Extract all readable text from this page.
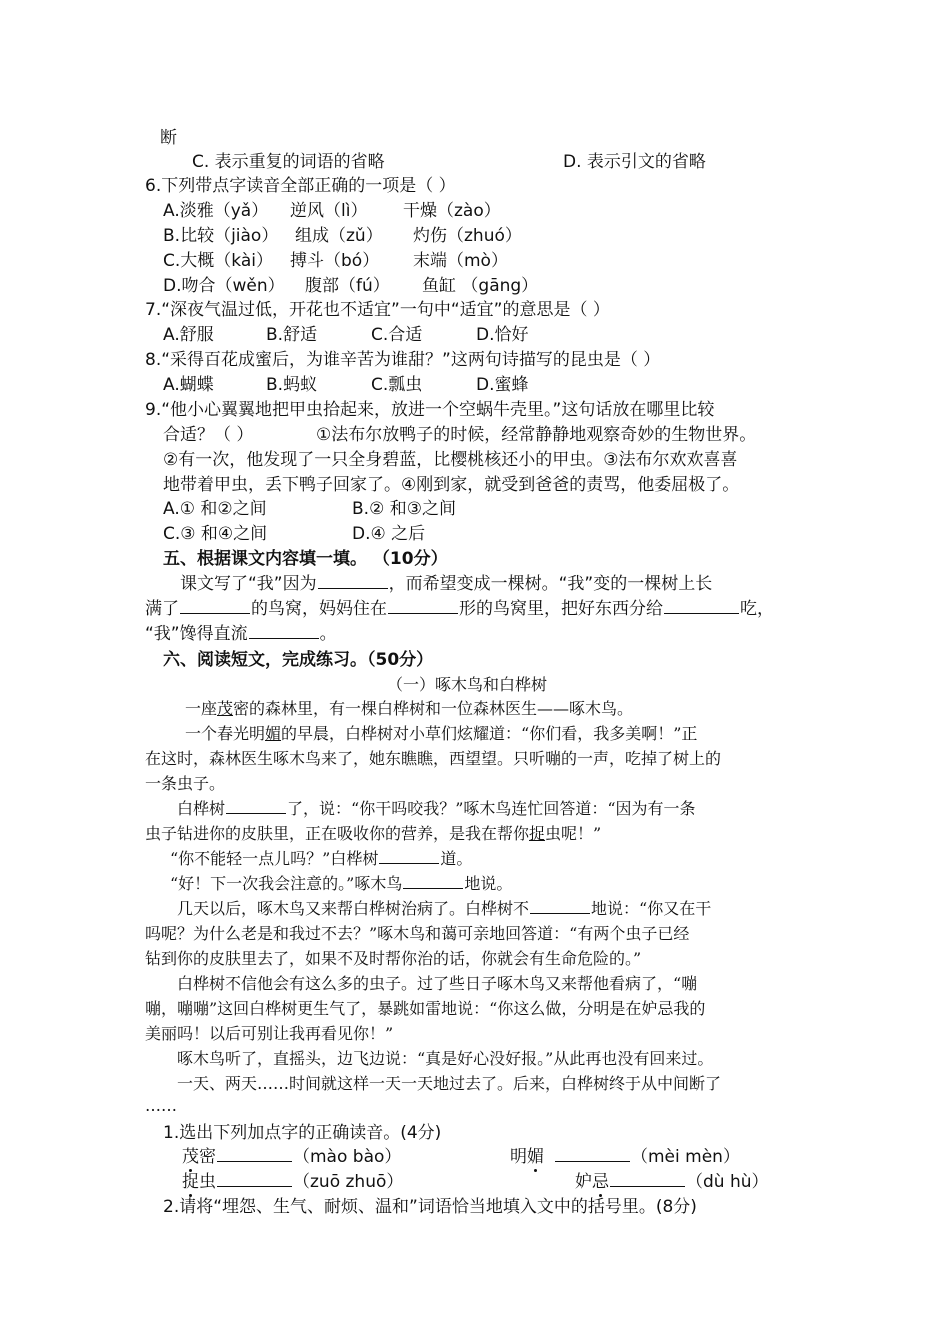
断
C. 表示重复的词语的省略	D. 表示引文的省略
6.下列带点字读音全部正确的一项是（ ）
A.淡雅（yǎ） 逆风（lì） 干燥（zào）
B.比较（jiào） 组成（zǔ） 灼伤（zhuó）
C.大概（kài） 搏斗（bó） 末端（mò）
D.吻合（wěn） 腹部（fú） 鱼缸 （gāng）
7.“深夜气温过低，开花也不适宜”一句中“适宜”的意思是（ ）
A.舒服	B.舒适	C.合适	D.恰好
8.“采得百花成蜜后，为谁辛苦为谁甜？”这两句诗描写的昆虫是（ ）
A.蝴蝶	B.蚂蚁	C.瓢虫	D.蜜蜂
9.“他小心翼翼地把甲虫拾起来，放进一个空蜗牛壳里。”这句话放在哪里比较
合适？（ ）	①法布尔放鸭子的时候，经常静静地观察奇妙的生物世界。
②有一次，他发现了一只全身碧蓝，比樱桃核还小的甲虫。③法布尔欢欢喜喜
地带着甲虫，丢下鸭子回家了。④刚到家，就受到爸爸的责骂，他委屈极了。
A.① 和②之间	B.② 和③之间
C.③ 和④之间	D.④ 之后
五、根据课文内容填一填。 （10分）
课文写了“我”因为	，而希望变成一棵树。“我”变的一棵树上长
满了	的鸟窝，妈妈住在	形的鸟窝里，把好东西分给	吃，
“我”馋得直流	。
六、阅读短文，完成练习。（50分）
（一）啄木鸟和白桦树
一座茂密的森林里，有一棵白桦树和一位森林医生——啄木鸟。
一个春光明媚的早晨，白桦树对小草们炫耀道：“你们看，我多美啊！”正
在这时，森林医生啄木鸟来了，她东瞧瞧，西望望。只听嘣的一声，吃掉了树上的
一条虫子。
白桦树	了，说：“你干吗咬我？”啄木鸟连忙回答道：“因为有一条
虫子钻进你的皮肤里，正在吸收你的营养，是我在帮你捉虫呢！”
“你不能轻一点儿吗？”白桦树	道。
“好！下一次我会注意的。”啄木鸟	地说。
几天以后，啄木鸟又来帮白桦树治病了。白桦树不	地说：“你又在干
吗呢？为什么老是和我过不去？”啄木鸟和蔼可亲地回答道：“有两个虫子已经
钻到你的皮肤里去了，如果不及时帮你治的话，你就会有生命危险的。”
白桦树不信他会有这么多的虫子。过了些日子啄木鸟又来帮他看病了，“嘣
嘣，嘣嘣”这回白桦树更生气了，暴跳如雷地说：“你这么做，分明是在妒忌我的
美丽吗！以后可别让我再看见你！”
啄木鸟听了，直摇头，边飞边说：“真是好心没好报。”从此再也没有回来过。
一天、两天……时间就这样一天一天地过去了。后来，白桦树终于从中间断了
……
1.选出下列加点字的正确读音。(4分)
茂密	（mào bào）	明媚	（mèi mèn）
捉虫	（zuō zhuō）	妒忌	（dù hù）
2.请将“埋怨、生气、耐烦、温和”词语恰当地填入文中的括号里。(8分)
